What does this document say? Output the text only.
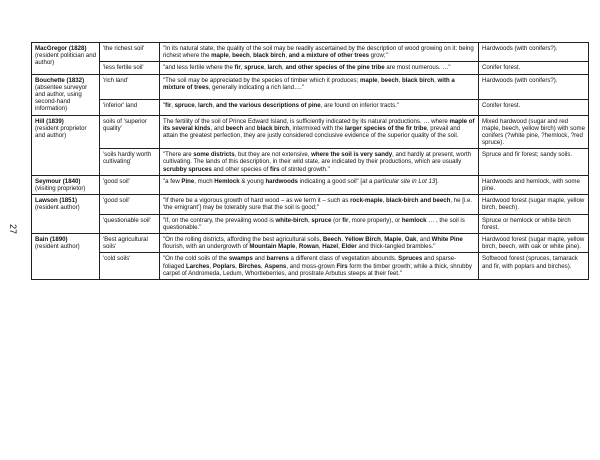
27
MacGregor (1828)
(resident politician and author)	'the richest soil'	"In its natural state, the quality of the soil may be readily ascertained by the description of wood growing on it: being richest where the maple, beech, black birch, and a mixture of other trees grow;"	Hardwoods (with conifers?).
	'less fertile soil'	"and less fertile where the fir, spruce, larch, and other species of the pine tribe are most numerous. …"	Conifer forest.

Bouchette (1832)
(absentee surveyor and author, using second-hand information)	'rich land'	"The soil may be appreciated by the species of timber which it produces; maple, beech, black birch, with a mixture of trees, generally indicating a rich land…."	Hardwoods (with conifers?).
	'inferior' land	"fir, spruce, larch, and the various descriptions of pine, are found on inferior tracts."	Conifer forest.

Hill (1839)
(resident proprietor and author)	soils of 'superior quality'	The fertility of the soil of Prince Edward Island, is sufficiently indicated by its natural productions. … where maple of its several kinds, and beech and black birch, intermixed with the larger species of the fir tribe, prevail and attain the greatest perfection, they are justly considered conclusive evidence of the superior quality of the soil.	Mixed hardwood (sugar and red maple, beech, yellow birch) with some conifers (?white pine, ?hemlock, ?red spruce).
	'soils hardly worth cultivating'	"There are some districts, but they are not extensive, where the soil is very sandy, and hardly at present, worth cultivating. The lands of this description, in their wild state, are indicated by their productions, which are usually scrubby spruces and other species of firs of stinted growth."	Spruce and fir forest; sandy soils.

Seymour (1840)
(visiting proprietor)	'good soil'	"a few Pine, much Hemlock & young hardwoods indicating a good soil" [at a particular site in Lot 13].	Hardwoods and hemlock, with some pine.

Lawson (1851)
(resident author)	'good soil'	"If there be a vigorous growth of hard wood – as we term it – such as rock-maple, black-birch and beech, he [i.e. 'the emigrant'] may be tolerably sure that the soil is good;"	Hardwood forest (sugar maple, yellow birch, beech).
	'questionable soil'	"if, on the contrary, the prevailing wood is white-birch, spruce (or fir, more properly), or hemlock … , the soil is questionable."	Spruce or hemlock or white birch forest.

Bain (1890)
(resident author)	'Best agricultural soils'	"On the rolling districts, affording the best agricultural soils, Beech, Yellow Birch, Maple, Oak, and White Pine flourish, with an undergrowth of Mountain Maple, Rowan, Hazel, Elder and thick-tangled brambles."	Hardwood forest (sugar maple, yellow birch, beech, with oak or white pine).
	'cold soils'	"On the cold soils of the swamps and barrens a different class of vegetation abounds. Spruces and sparse-foliaged Larches, Poplars, Birches, Aspens, and moss-grown Firs form the timber growth; while a thick, shrubby carpet of Andromeda, Ledum, Whortleberries, and prostrate Arbutus steeps at their feet."	Softwood forest (spruces, tamarack and fir, with poplars and birches).
